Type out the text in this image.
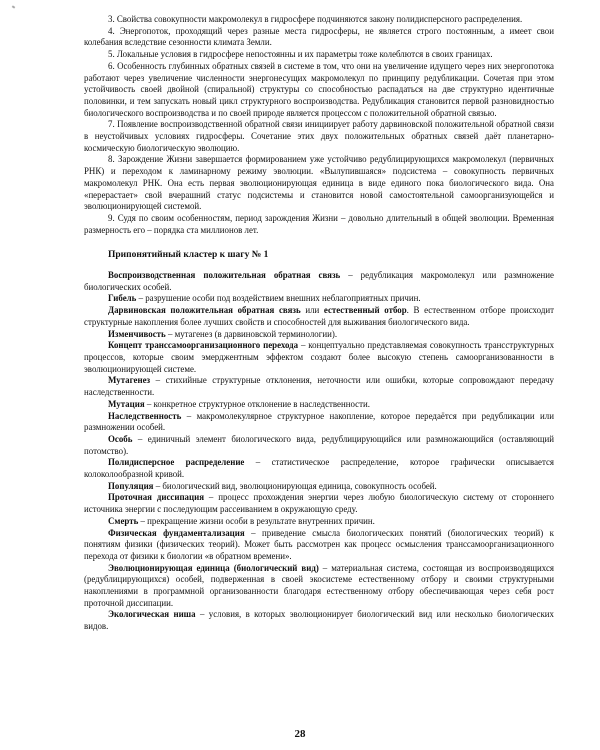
3. Свойства совокупности макромолекул в гидросфере подчиняются закону полидисперсного распределения.

4. Энергопоток, проходящий через разные места гидросферы, не является строго постоянным, а имеет свои колебания вследствие сезонности климата Земли.

5. Локальные условия в гидросфере непостоянны и их параметры тоже колеблются в своих границах.

6. Особенность глубинных обратных связей в системе в том, что они на увеличение идущего через них энергопотока работают через увеличение численности энергонесущих макромолекул по принципу редубликации. Сочетая при этом устойчивость своей двойной (спиральной) структуры со способностью распадаться на две структурно идентичные половинки, и тем запускать новый цикл структурного воспроизводства. Редубликация становится первой разновидностью биологического воспроизводства и по своей природе является процессом с положительной обратной связью.

7. Появление воспроизводственной обратной связи инициирует работу дарвиновской положительной обратной связи в неустойчивых условиях гидросферы. Сочетание этих двух положительных обратных связей даёт планетарно-космическую биологическую эволюцию.

8. Зарождение Жизни завершается формированием уже устойчиво редублицирующихся макромолекул (первичных РНК) и переходом к ламинарному режиму эволюции. «Вылупившаяся» подсистема – совокупность первичных макромолекул РНК. Она есть первая эволюционирующая единица в виде единого пока биологического вида. Она «перерастает» свой вчерашний статус подсистемы и становится новой самостоятельной самоорганизующейся и эволюционирующей системой.

9. Судя по своим особенностям, период зарождения Жизни – довольно длительный в общей эволюции. Временная размерность его – порядка ста миллионов лет.

Припонятийный кластер к шагу № 1

Воспроизводственная положительная обратная связь – редубликация макромолекул или размножение биологических особей.

Гибель – разрушение особи под воздействием внешних неблагоприятных причин.

Дарвиновская положительная обратная связь или естественный отбор. В естественном отборе происходит структурные накопления более лучших свойств и способностей для выживания биологического вида.

Изменчивость – мутагенез (в дарвиновской терминологии).

Концепт трансcамоорганизационного перехода – концептуально представляемая совокупность трансструктурных процессов, которые своим эмерджентным эффектом создают более высокую степень самоорганизованности в эволюционирующей системе.

Мутагенез – стихийные структурные отклонения, неточности или ошибки, которые сопровождают передачу наследственности.

Мутация – конкретное структурное отклонение в наследственности.

Наследственность – макромолекулярное структурное накопление, которое передаётся при редубликации или размножении особей.

Особь – единичный элемент биологического вида, редублицирующийся или размножающийся (оставляющий потомство).

Полидисперсное распределение – статистическое распределение, которое графически описывается колоколообразной кривой.

Популяция – биологический вид, эволюционирующая единица, совокупность особей.

Проточная диссипация – процесс прохождения энергии через любую биологическую систему от стороннего источника энергии с последующим рассеиванием в окружающую среду.

Смерть – прекращение жизни особи в результате внутренних причин.

Физическая фундаментализация – приведение смысла биологических понятий (биологических теорий) к понятиям физики (физических теорий). Может быть рассмотрен как процесс осмысления трансcамоорганизационного перехода от физики к биологии «в обратном времени».

Эволюционирующая единица (биологический вид) – материальная система, состоящая из воспроизводящихся (редублицирующихся) особей, подверженная в своей экосистеме естественному отбору и своими структурными накоплениями в программной организованности благодаря естественному отбору обеспечивающая через себя рост проточной диссипации.

Экологическая ниша – условия, в которых эволюционирует биологический вид или несколько биологических видов.

28
